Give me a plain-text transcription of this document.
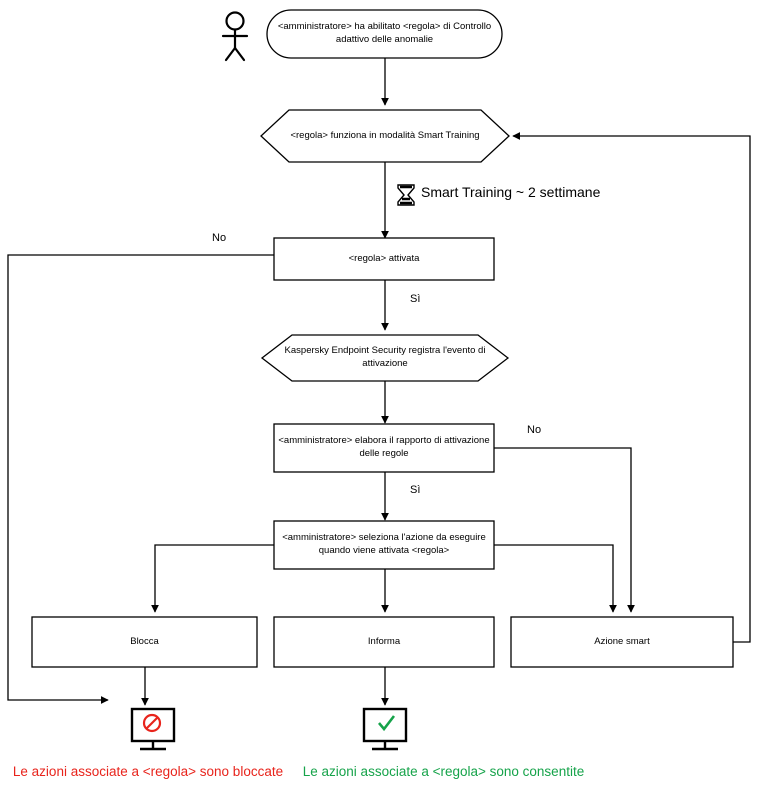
<amministratore> ha abilitato <regola> di Controllo adattivo delle anomalie
<regola> funziona in modalità Smart Training
<regola> attivata
Kaspersky Endpoint Security registra l'evento di attivazione
<amministratore> elabora il rapporto di attivazione delle regole
<amministratore> seleziona l'azione da eseguire quando viene attivata <regola>
Blocca	Informa	Azione smart
No
Sì
No
Sì
Smart Training ~ 2 settimane
Le azioni associate a <regola> sono bloccate	Le azioni associate a <regola> sono consentite
